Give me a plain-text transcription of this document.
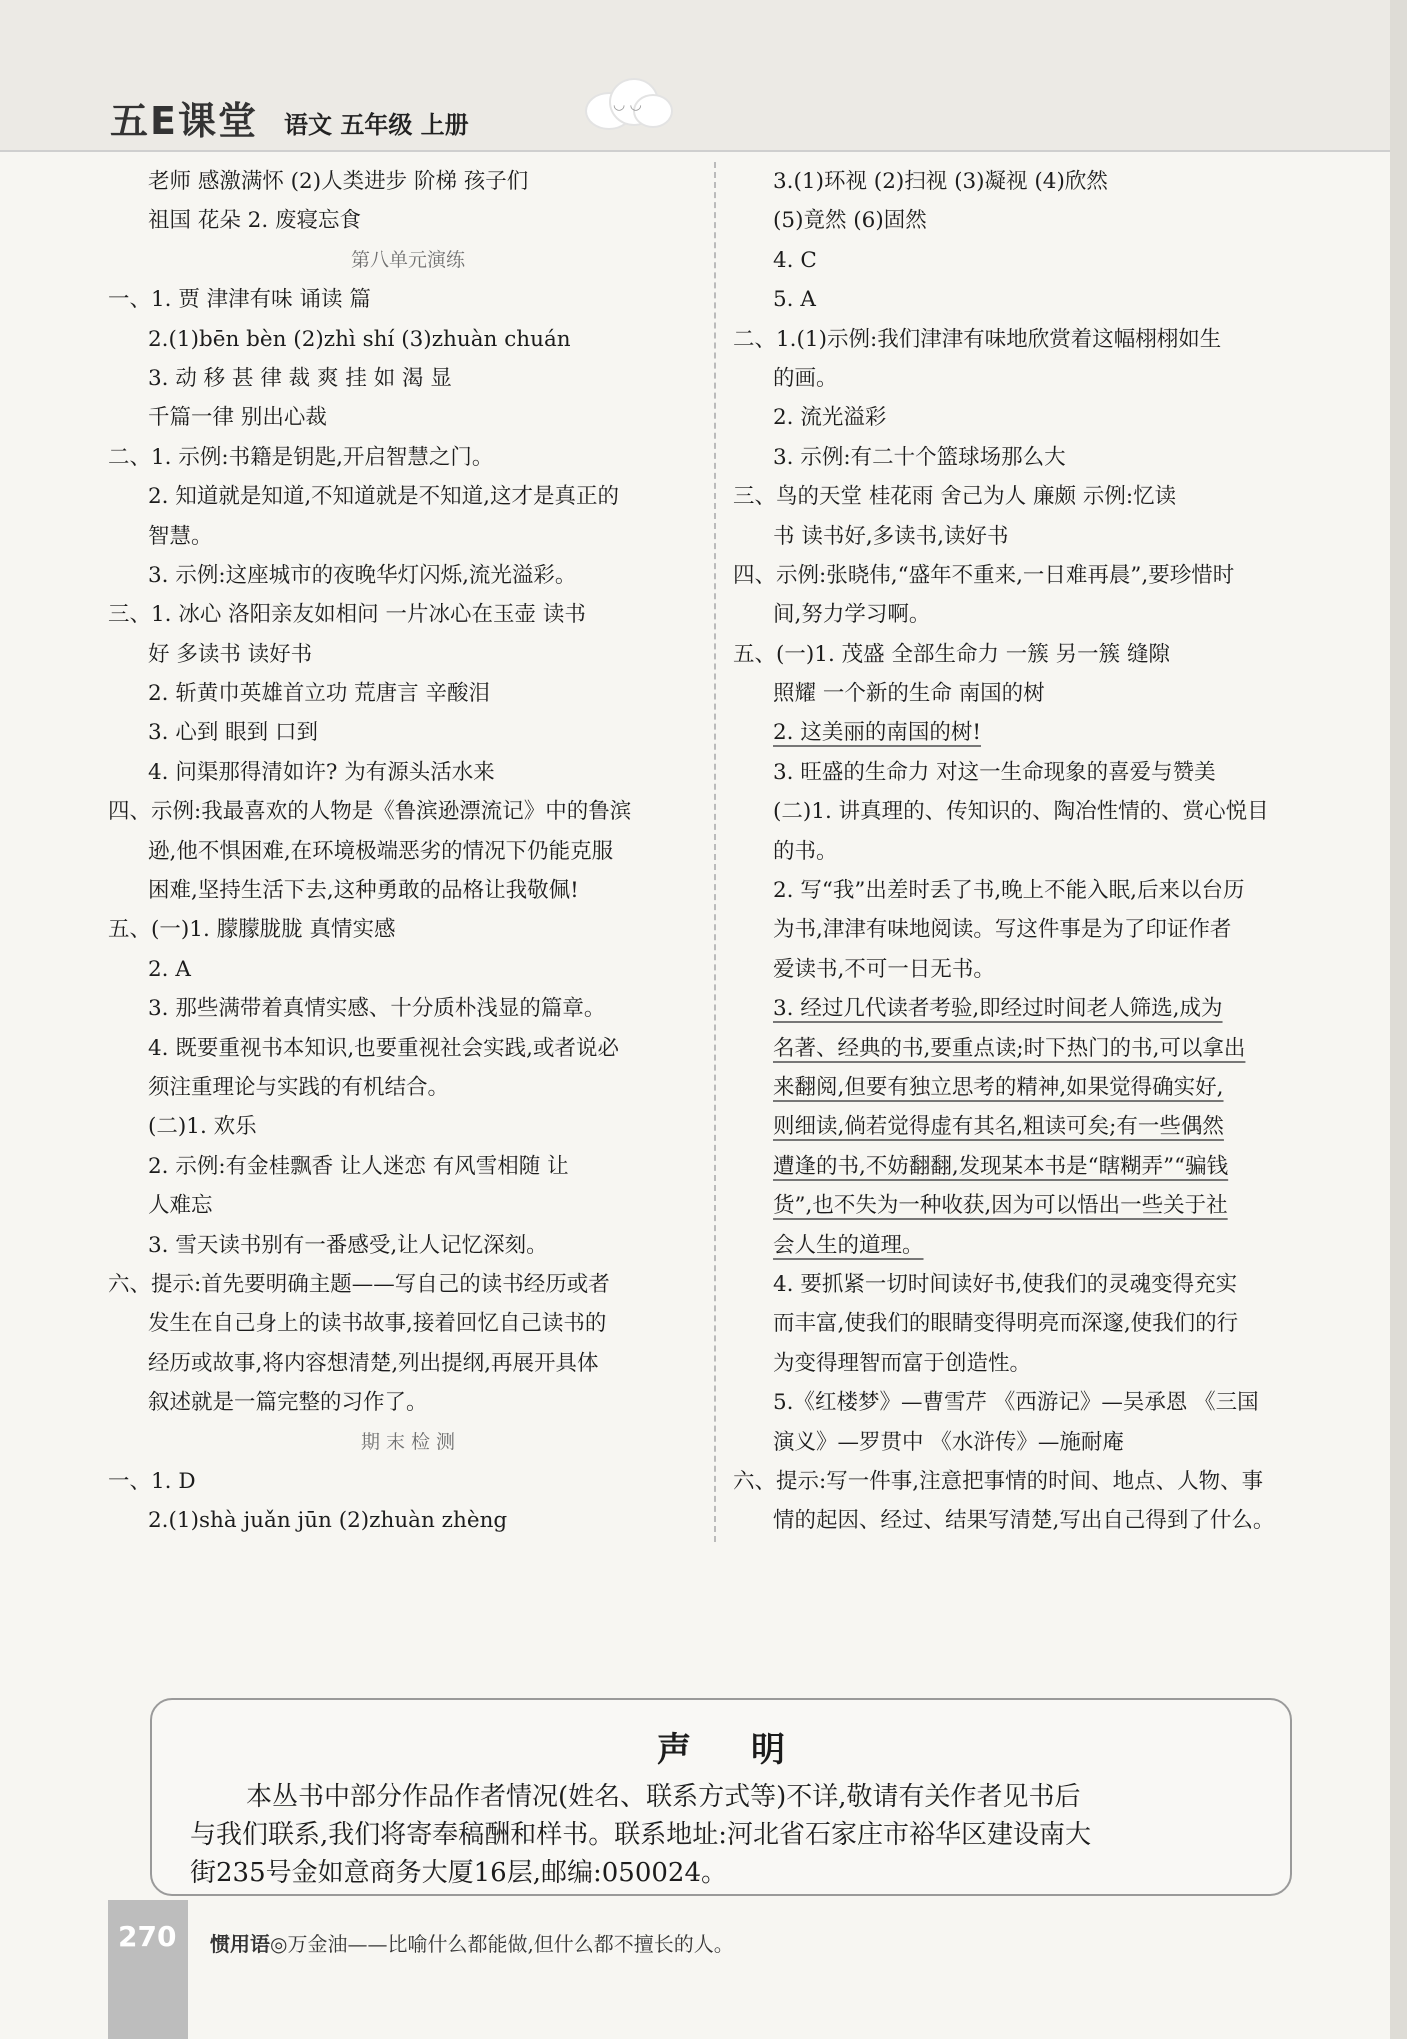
五E课堂 语文 五年级 上册
◡ ◡
老师 感激满怀 (2)人类进步 阶梯 孩子们
祖国 花朵 2. 废寝忘食
第八单元演练
一、1. 贾 津津有味 诵读 篇
2.(1)bēn bèn (2)zhì shí (3)zhuàn chuán
3. 动 移 甚 律 裁 爽 挂 如 渴 显
千篇一律 别出心裁
二、1. 示例:书籍是钥匙,开启智慧之门。
2. 知道就是知道,不知道就是不知道,这才是真正的
智慧。
3. 示例:这座城市的夜晚华灯闪烁,流光溢彩。
三、1. 冰心 洛阳亲友如相问 一片冰心在玉壶 读书
好 多读书 读好书
2. 斩黄巾英雄首立功 荒唐言 辛酸泪
3. 心到 眼到 口到
4. 问渠那得清如许? 为有源头活水来
四、示例:我最喜欢的人物是《鲁滨逊漂流记》中的鲁滨
逊,他不惧困难,在环境极端恶劣的情况下仍能克服
困难,坚持生活下去,这种勇敢的品格让我敬佩!
五、(一)1. 朦朦胧胧 真情实感
2. A
3. 那些满带着真情实感、十分质朴浅显的篇章。
4. 既要重视书本知识,也要重视社会实践,或者说必
须注重理论与实践的有机结合。
(二)1. 欢乐
2. 示例:有金桂飘香 让人迷恋 有风雪相随 让
人难忘
3. 雪天读书别有一番感受,让人记忆深刻。
六、提示:首先要明确主题——写自己的读书经历或者
发生在自己身上的读书故事,接着回忆自己读书的
经历或故事,将内容想清楚,列出提纲,再展开具体
叙述就是一篇完整的习作了。
期 末 检 测
一、1. D
2.(1)shà juǎn jūn (2)zhuàn zhèng
3.(1)环视 (2)扫视 (3)凝视 (4)欣然
(5)竟然 (6)固然
4. C
5. A
二、1.(1)示例:我们津津有味地欣赏着这幅栩栩如生
的画。
2. 流光溢彩
3. 示例:有二十个篮球场那么大
三、鸟的天堂 桂花雨 舍己为人 廉颇 示例:忆读
书 读书好,多读书,读好书
四、示例:张晓伟,“盛年不重来,一日难再晨”,要珍惜时
间,努力学习啊。
五、(一)1. 茂盛 全部生命力 一簇 另一簇 缝隙
照耀 一个新的生命 南国的树
2. 这美丽的南国的树!
3. 旺盛的生命力 对这一生命现象的喜爱与赞美
(二)1. 讲真理的、传知识的、陶冶性情的、赏心悦目
的书。
2. 写“我”出差时丢了书,晚上不能入眠,后来以台历
为书,津津有味地阅读。写这件事是为了印证作者
爱读书,不可一日无书。
3. 经过几代读者考验,即经过时间老人筛选,成为
名著、经典的书,要重点读;时下热门的书,可以拿出
来翻阅,但要有独立思考的精神,如果觉得确实好,
则细读,倘若觉得虚有其名,粗读可矣;有一些偶然
遭逢的书,不妨翻翻,发现某本书是“瞎糊弄”“骗钱
货”,也不失为一种收获,因为可以悟出一些关于社
会人生的道理。
4. 要抓紧一切时间读好书,使我们的灵魂变得充实
而丰富,使我们的眼睛变得明亮而深邃,使我们的行
为变得理智而富于创造性。
5.《红楼梦》—曹雪芹 《西游记》—吴承恩 《三国
演义》—罗贯中 《水浒传》—施耐庵
六、提示:写一件事,注意把事情的时间、地点、人物、事
情的起因、经过、结果写清楚,写出自己得到了什么。
声明
本丛书中部分作品作者情况(姓名、联系方式等)不详,敬请有关作者见书后
与我们联系,我们将寄奉稿酬和样书。联系地址:河北省石家庄市裕华区建设南大
街235号金如意商务大厦16层,邮编:050024。
270 惯用语◎万金油——比喻什么都能做,但什么都不擅长的人。
